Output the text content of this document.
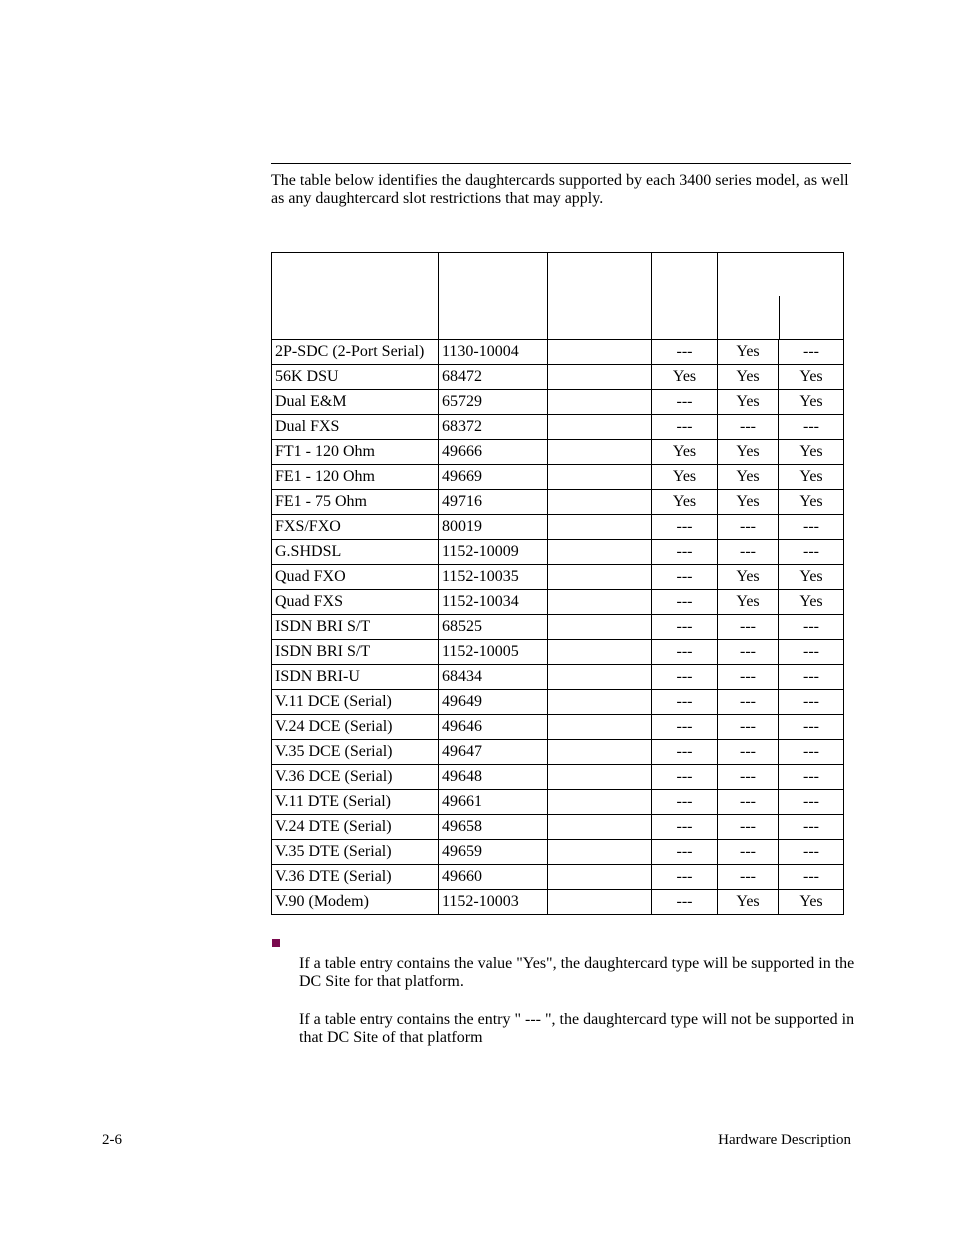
The table below identifies the daughtercards supported by each 3400 series model, as well as any daughtercard slot restrictions that may apply.

2P-SDC (2-Port Serial)	1130-10004		---	Yes	---
56K DSU	68472		Yes	Yes	Yes
Dual E&M	65729		---	Yes	Yes
Dual FXS	68372		---	---	---
FT1 - 120 Ohm	49666		Yes	Yes	Yes
FE1 - 120 Ohm	49669		Yes	Yes	Yes
FE1 - 75 Ohm	49716		Yes	Yes	Yes
FXS/FXO	80019		---	---	---
G.SHDSL	1152-10009		---	---	---
Quad FXO	1152-10035		---	Yes	Yes
Quad FXS	1152-10034		---	Yes	Yes
ISDN BRI S/T	68525		---	---	---
ISDN BRI S/T	1152-10005		---	---	---
ISDN BRI-U	68434		---	---	---
V.11 DCE (Serial)	49649		---	---	---
V.24 DCE (Serial)	49646		---	---	---
V.35 DCE (Serial)	49647		---	---	---
V.36 DCE (Serial)	49648		---	---	---
V.11 DTE (Serial)	49661		---	---	---
V.24 DTE (Serial)	49658		---	---	---
V.35 DTE (Serial)	49659		---	---	---
V.36 DTE (Serial)	49660		---	---	---
V.90 (Modem)	1152-10003		---	Yes	Yes
If a table entry contains the value "Yes", the daughtercard type will be supported in the DC Site for that platform.
If a table entry contains the entry " --- ", the daughtercard type will not be supported in that DC Site of that platform
2-6	Hardware Description
